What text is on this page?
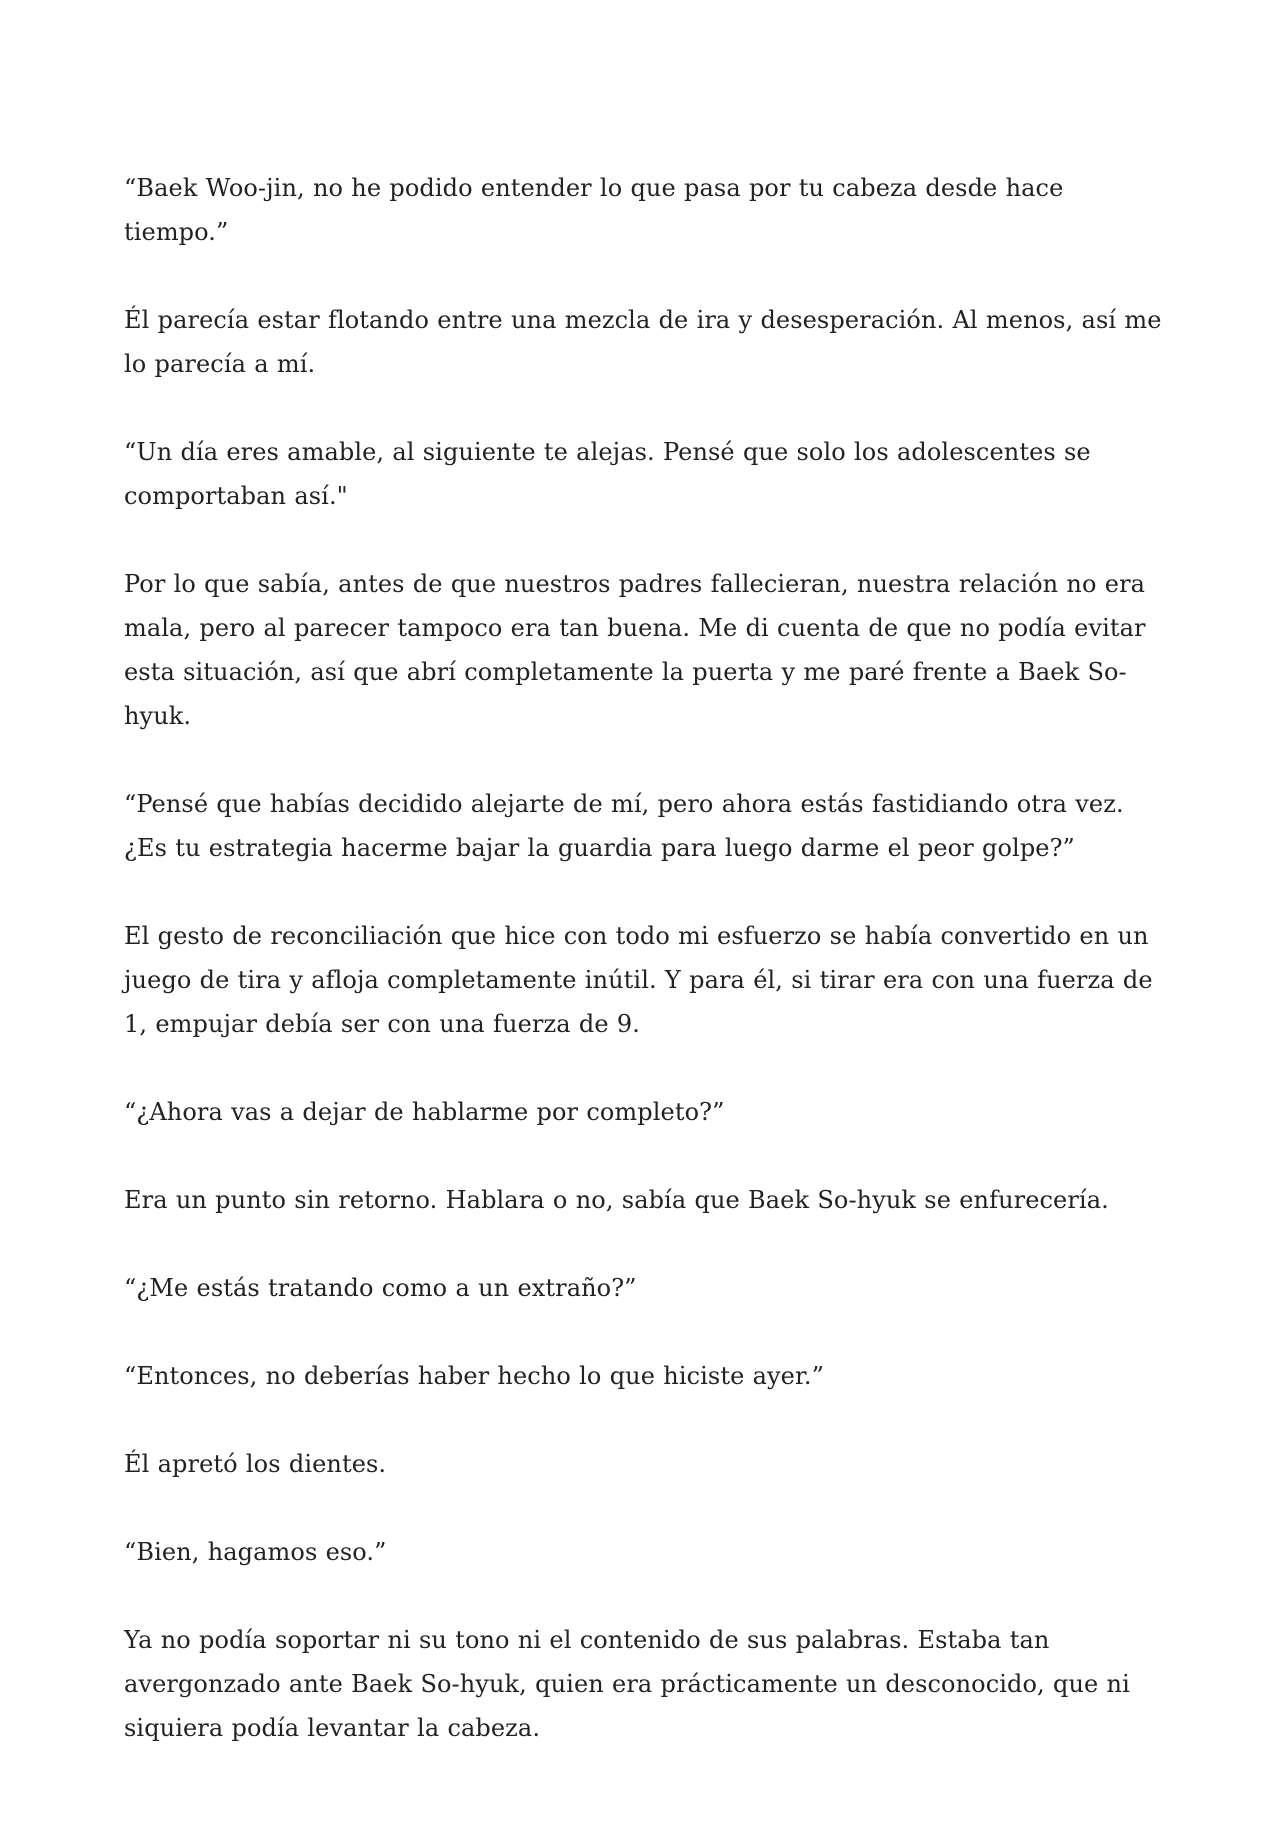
“Baek Woo-jin, no he podido entender lo que pasa por tu cabeza desde hace tiempo.”

Él parecía estar flotando entre una mezcla de ira y desesperación. Al menos, así me lo parecía a mí.

“Un día eres amable, al siguiente te alejas. Pensé que solo los adolescentes se comportaban así."

Por lo que sabía, antes de que nuestros padres fallecieran, nuestra relación no era mala, pero al parecer tampoco era tan buena. Me di cuenta de que no podía evitar esta situación, así que abrí completamente la puerta y me paré frente a Baek So-hyuk.

“Pensé que habías decidido alejarte de mí, pero ahora estás fastidiando otra vez. ¿Es tu estrategia hacerme bajar la guardia para luego darme el peor golpe?”

El gesto de reconciliación que hice con todo mi esfuerzo se había convertido en un juego de tira y afloja completamente inútil. Y para él, si tirar era con una fuerza de 1, empujar debía ser con una fuerza de 9.

“¿Ahora vas a dejar de hablarme por completo?”

Era un punto sin retorno. Hablara o no, sabía que Baek So-hyuk se enfurecería.

“¿Me estás tratando como a un extraño?”

“Entonces, no deberías haber hecho lo que hiciste ayer.”

Él apretó los dientes.

“Bien, hagamos eso.”

Ya no podía soportar ni su tono ni el contenido de sus palabras. Estaba tan avergonzado ante Baek So-hyuk, quien era prácticamente un desconocido, que ni siquiera podía levantar la cabeza.
